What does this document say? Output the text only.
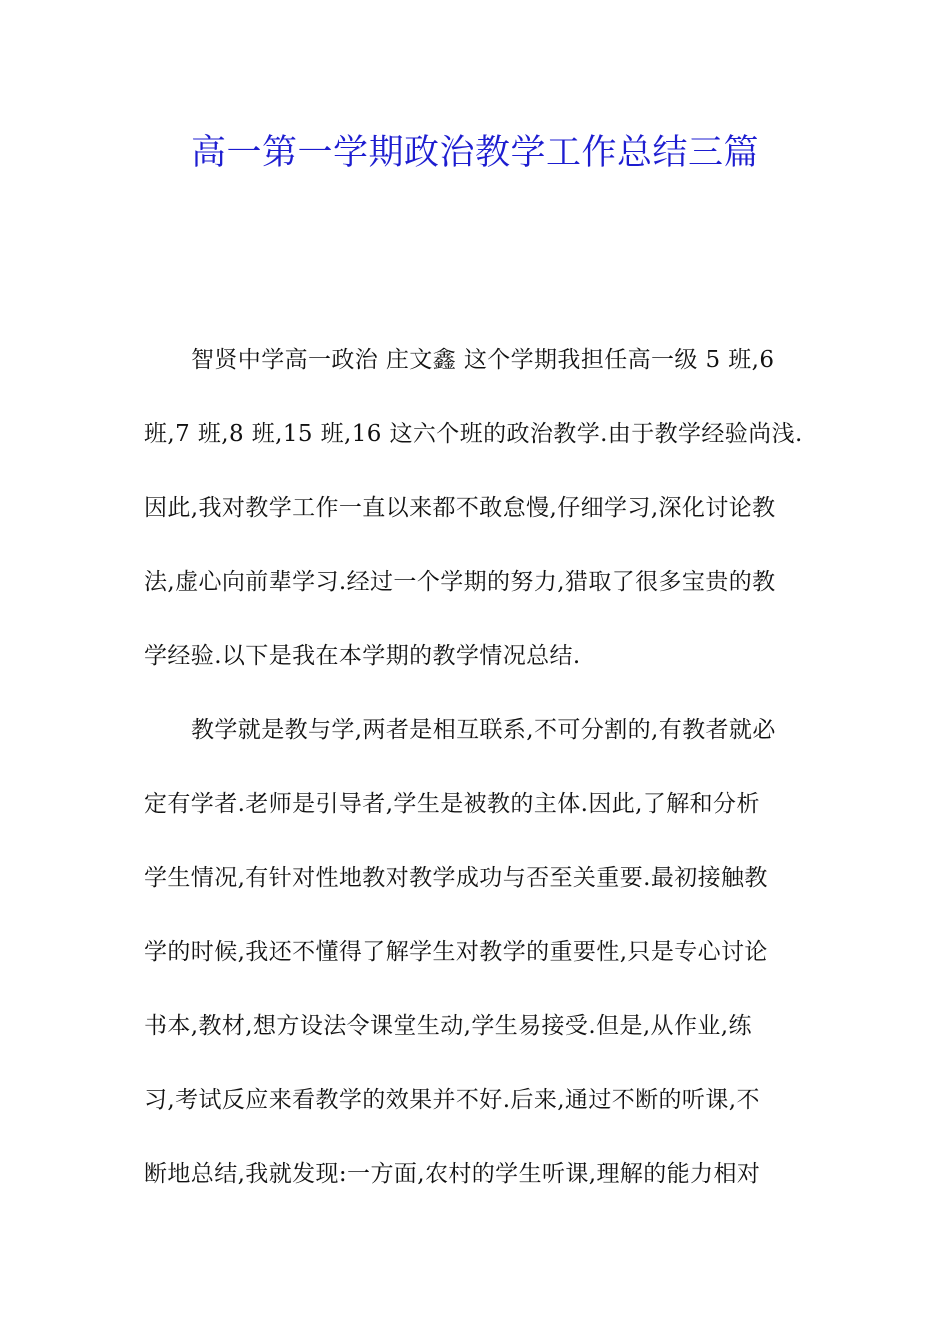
高一第一学期政治教学工作总结三篇
智贤中学高一政治 庄文鑫 这个学期我担任高一级 5 班,6
班,7 班,8 班,15 班,16 这六个班的政治教学.由于教学经验尚浅.
因此,我对教学工作一直以来都不敢怠慢,仔细学习,深化讨论教
法,虚心向前辈学习.经过一个学期的努力,猎取了很多宝贵的教
学经验.以下是我在本学期的教学情况总结.
教学就是教与学,两者是相互联系,不可分割的,有教者就必
定有学者.老师是引导者,学生是被教的主体.因此,了解和分析
学生情况,有针对性地教对教学成功与否至关重要.最初接触教
学的时候,我还不懂得了解学生对教学的重要性,只是专心讨论
书本,教材,想方设法令课堂生动,学生易接受.但是,从作业,练
习,考试反应来看教学的效果并不好.后来,通过不断的听课,不
断地总结,我就发现:一方面,农村的学生听课,理解的能力相对
